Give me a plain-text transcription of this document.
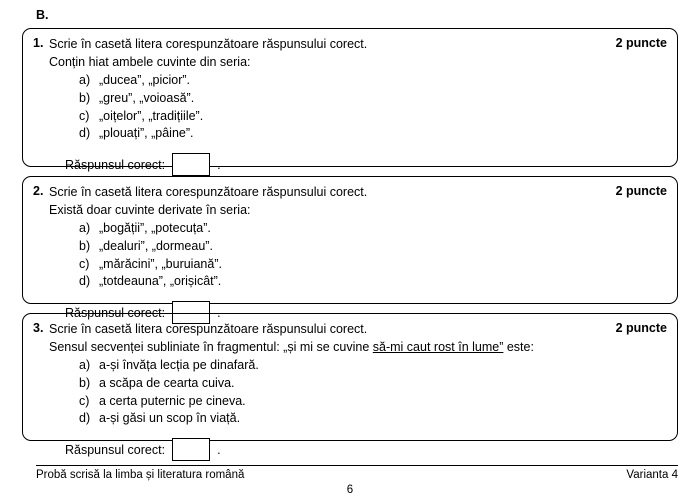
B.
1. Scrie în casetă litera corespunzătoare răspunsului corect.	2 puncte
Conțin hiat ambele cuvinte din seria:
a) „ducea”, „picior”.
b) „greu”, „voioasă”.
c) „oițelor”, „tradițiile”.
d) „plouați”, „pâine”.
Răspunsul corect:	.
2. Scrie în casetă litera corespunzătoare răspunsului corect.	2 puncte
Există doar cuvinte derivate în seria:
a) „bogății”, „potecuța”.
b) „dealuri”, „dormeau”.
c) „mărăcini”, „buruiană”.
d) „totdeauna”, „orișicât”.
Răspunsul corect:	.
3. Scrie în casetă litera corespunzătoare răspunsului corect.	2 puncte
Sensul secvenței subliniate în fragmentul: „și mi se cuvine să-mi caut rost în lume” este:
a) a-și învăța lecția pe dinafară.
b) a scăpa de cearta cuiva.
c) a certa puternic pe cineva.
d) a-și găsi un scop în viață.
Răspunsul corect:	.
Probă scrisă la limba și literatura română	Varianta 4
6
